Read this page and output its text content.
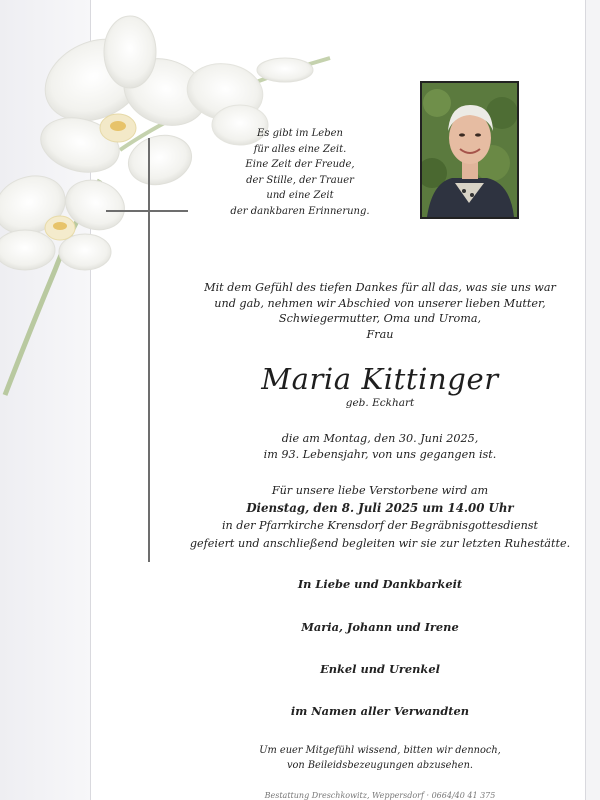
Es gibt im Leben
für alles eine Zeit.
Eine Zeit der Freude,
der Stille, der Trauer
und eine Zeit
der dankbaren Erinnerung.
Mit dem Gefühl des tiefen Dankes für all das, was sie uns war
und gab, nehmen wir Abschied von unserer lieben Mutter,
Schwiegermutter, Oma und Uroma,
Frau
Maria Kittinger
geb. Eckhart
die am Montag, den 30. Juni 2025,
im 93. Lebensjahr, von uns gegangen ist.
Für unsere liebe Verstorbene wird am
Dienstag, den 8. Juli 2025 um 14.00 Uhr
in der Pfarrkirche Krensdorf der Begräbnisgottesdienst
gefeiert und anschließend begleiten wir sie zur letzten Ruhestätte.
In Liebe und Dankbarkeit
Maria, Johann und Irene
Enkel und Urenkel
im Namen aller Verwandten
Um euer Mitgefühl wissend, bitten wir dennoch,
von Beileidsbezeugungen abzusehen.
Bestattung Dreschkowitz, Weppersdorf · 0664/40 41 375
